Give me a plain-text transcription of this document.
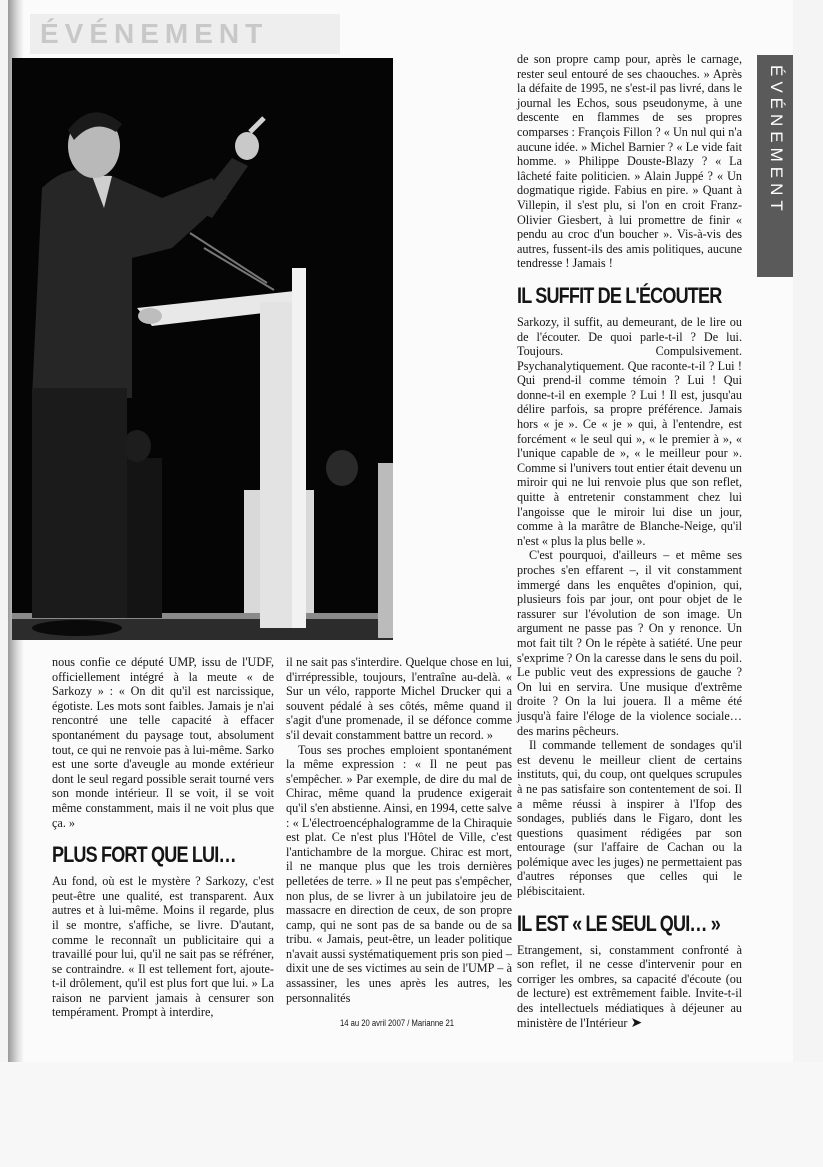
ÉVÉNEMENT

nous confie ce député UMP, issu de l'UDF, officiellement intégré à la meute « de Sarkozy » : « On dit qu'il est narcissique, égotiste. Les mots sont faibles. Jamais je n'ai rencontré une telle capacité à effacer spontanément du paysage tout, absolument tout, ce qui ne renvoie pas à lui-même. Sarko est une sorte d'aveugle au monde extérieur dont le seul regard possible serait tourné vers son monde intérieur. Il se voit, il se voit même constamment, mais il ne voit plus que ça. »

PLUS FORT QUE LUI…

Au fond, où est le mystère ? Sarkozy, c'est peut-être une qualité, est transparent. Aux autres et à lui-même. Moins il regarde, plus il se montre, s'affiche, se livre. D'autant, comme le reconnaît un publicitaire qui a travaillé pour lui, qu'il ne sait pas se réfréner, se contraindre. « Il est tellement fort, ajoute-t-il drôlement, qu'il est plus fort que lui. » La raison ne parvient jamais à censurer son tempérament. Prompt à interdire,

il ne sait pas s'interdire. Quelque chose en lui, d'irrépressible, toujours, l'entraîne au-delà. « Sur un vélo, rapporte Michel Drucker qui a souvent pédalé à ses côtés, même quand il s'agit d'une promenade, il se défonce comme s'il devait constamment battre un record. »

Tous ses proches emploient spontanément la même expression : « Il ne peut pas s'empêcher. » Par exemple, de dire du mal de Chirac, même quand la prudence exigerait qu'il s'en abstienne. Ainsi, en 1994, cette salve : « L'électroencéphalogramme de la Chiraquie est plat. Ce n'est plus l'Hôtel de Ville, c'est l'antichambre de la morgue. Chirac est mort, il ne manque plus que les trois dernières pelletées de terre. » Il ne peut pas s'empêcher, non plus, de se livrer à un jubilatoire jeu de massacre en direction de ceux, de son propre camp, qui ne sont pas de sa bande ou de sa tribu. « Jamais, peut-être, un leader politique n'avait aussi systématiquement pris son pied – dixit une de ses victimes au sein de l'UMP – à assassiner, les unes après les autres, les personnalités

de son propre camp pour, après le carnage, rester seul entouré de ses chaouches. » Après la défaite de 1995, ne s'est-il pas livré, dans le journal les Echos, sous pseudonyme, à une descente en flammes de ses propres comparses : François Fillon ? « Un nul qui n'a aucune idée. » Michel Barnier ? « Le vide fait homme. » Philippe Douste-Blazy ? « La lâcheté faite politicien. » Alain Juppé ? « Un dogmatique rigide. Fabius en pire. » Quant à Villepin, il s'est plu, si l'on en croit Franz-Olivier Giesbert, à lui promettre de finir « pendu au croc d'un boucher ». Vis-à-vis des autres, fussent-ils des amis politiques, aucune tendresse ! Jamais !

IL SUFFIT DE L'ÉCOUTER

Sarkozy, il suffit, au demeurant, de le lire ou de l'écouter. De quoi parle-t-il ? De lui. Toujours. Compulsivement. Psychanalytiquement. Que raconte-t-il ? Lui ! Qui prend-il comme témoin ? Lui ! Qui donne-t-il en exemple ? Lui ! Il est, jusqu'au délire parfois, sa propre préférence. Jamais hors « je ». Ce « je » qui, à l'entendre, est forcément « le seul qui », « le premier à », « l'unique capable de », « le meilleur pour ». Comme si l'univers tout entier était devenu un miroir qui ne lui renvoie plus que son reflet, quitte à entretenir constamment chez lui l'angoisse que le miroir lui dise un jour, comme à la marâtre de Blanche-Neige, qu'il n'est « plus la plus belle ».

C'est pourquoi, d'ailleurs – et même ses proches s'en effarent –, il vit constamment immergé dans les enquêtes d'opinion, qui, plusieurs fois par jour, ont pour objet de le rassurer sur l'évolution de son image. Un argument ne passe pas ? On y renonce. Un mot fait tilt ? On le répète à satiété. Une peur s'exprime ? On la caresse dans le sens du poil. Le public veut des expressions de gauche ? On lui en servira. Une musique d'extrême droite ? On la lui jouera. Il a même été jusqu'à faire l'éloge de la violence sociale… des marins pêcheurs.

Il commande tellement de sondages qu'il est devenu le meilleur client de certains instituts, qui, du coup, ont quelques scrupules à ne pas satisfaire son contentement de soi. Il a même réussi à inspirer à l'Ifop des sondages, publiés dans le Figaro, dont les questions quasiment rédigées par son entourage (sur l'affaire de Cachan ou la polémique avec les juges) ne permettaient pas d'autres réponses que celles qui le plébiscitaient.

IL EST « LE SEUL QUI… »

Etrangement, si, constamment confronté à son reflet, il ne cesse d'intervenir pour en corriger les ombres, sa capacité d'écoute (ou de lecture) est extrêmement faible. Invite-t-il des intellectuels médiatiques à déjeuner au ministère de l'Intérieur ➤

ÉVÉNEMENT
14 au 20 avril 2007 / Marianne 21
